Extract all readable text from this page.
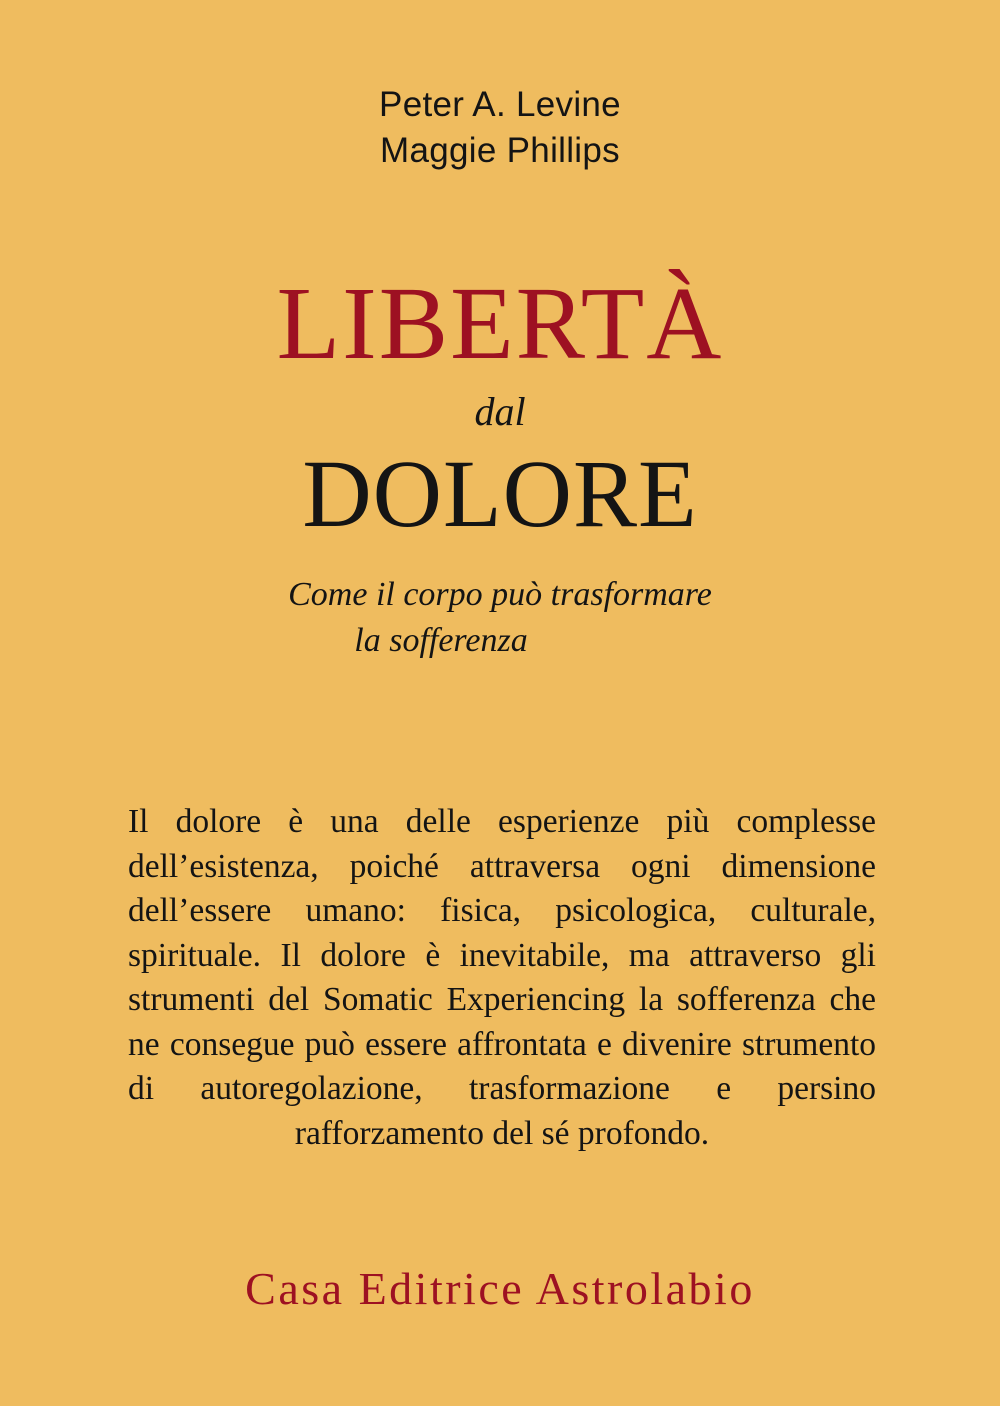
Peter A. Levine
Maggie Phillips
LIBERTÀ
dal
DOLORE
Come il corpo può trasformare
la sofferenza
Il dolore è una delle esperienze più complesse dell’esistenza, poiché attraversa ogni dimensione dell’essere umano: fisica, psicologica, culturale, spirituale. Il dolore è inevitabile, ma attraverso gli strumenti del Somatic Experiencing la sofferenza che ne consegue può essere affrontata e divenire strumento di autoregolazione, trasformazione e persino rafforzamento del sé profondo.
Casa Editrice Astrolabio
